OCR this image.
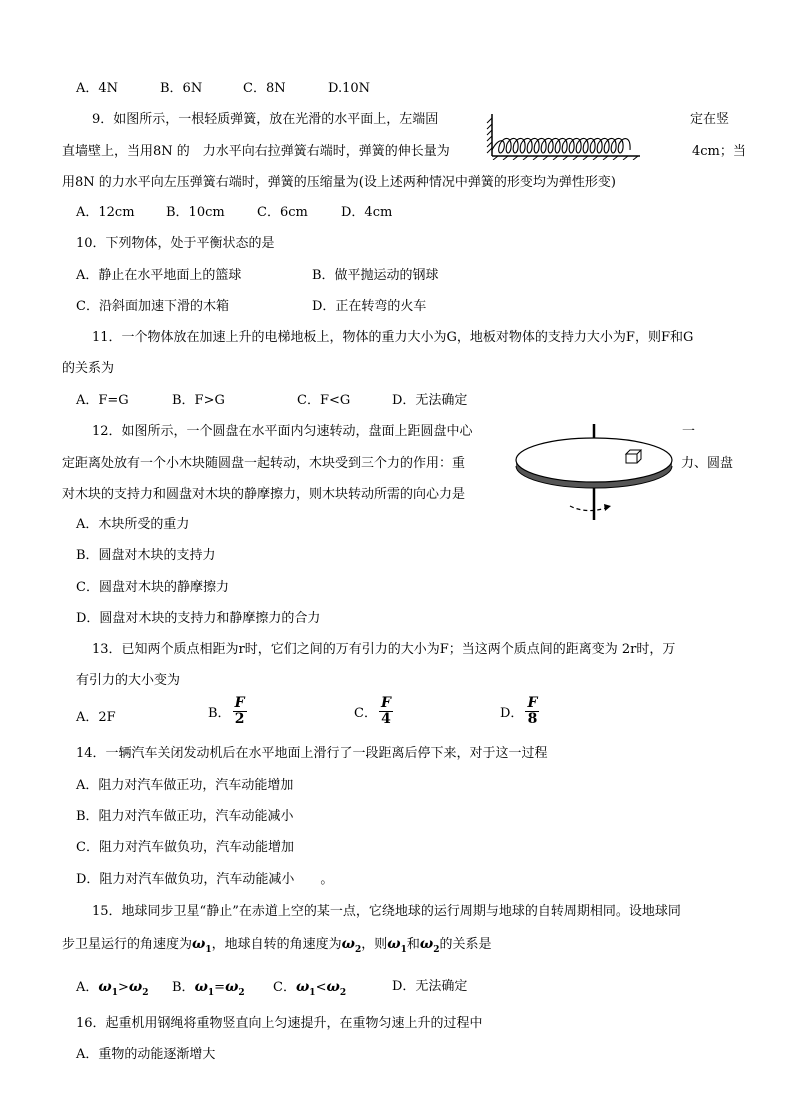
A．4N	B．6N	C．8N	D.10N
9．如图所示，一根轻质弹簧，放在光滑的水平面上，左端固	定在竖
直墙壁上，当用8N 的　力水平向右拉弹簧右端时，弹簧的伸长量为	4cm；当
用8N 的力水平向左压弹簧右端时，弹簧的压缩量为(设上述两种情况中弹簧的形变均为弹性形变)
A．12cm B．10cm C．6cm	D．4cm
10．下列物体，处于平衡状态的是
A．静止在水平地面上的篮球	B．做平抛运动的钢球
C．沿斜面加速下滑的木箱	D．正在转弯的火车
11．一个物体放在加速上升的电梯地板上，物体的重力大小为G，地板对物体的支持力大小为F，则F和G
的关系为
A．F=G	B．F>G	C．F<G	D．无法确定
12．如图所示，一个圆盘在水平面内匀速转动，盘面上距圆盘中心	一
定距离处放有一个小木块随圆盘一起转动，木块受到三个力的作用：重	力、圆盘
对木块的支持力和圆盘对木块的静摩擦力，则木块转动所需的向心力是
A．木块所受的重力
B．圆盘对木块的支持力
C．圆盘对木块的静摩擦力
D．圆盘对木块的支持力和静摩擦力的合力
13．已知两个质点相距为r时，它们之间的万有引力的大小为F；当这两个质点间的距离变为 2r时，万
有引力的大小变为
A．2F	B． $\frac{F}{2}$	C． $\frac{F}{4}$	D． $\frac{F}{8}$
14．一辆汽车关闭发动机后在水平地面上滑行了一段距离后停下来，对于这一过程
A．阻力对汽车做正功，汽车动能增加
B．阻力对汽车做正功，汽车动能减小
C．阻力对汽车做负功，汽车动能增加
D．阻力对汽车做负功，汽车动能减小　　。
15．地球同步卫星“静止”在赤道上空的某一点，它绕地球的运行周期与地球的自转周期相同。设地球同
步卫星运行的角速度为$\omega_1$，地球自转的角速度为$\omega_2$，则$\omega_1$和$\omega_2$的关系是
A．$\omega_1>\omega_2$ B．$\omega_1=\omega_2$ C．$\omega_1<\omega_2$	D．无法确定
16．起重机用钢绳将重物竖直向上匀速提升，在重物匀速上升的过程中
A．重物的动能逐渐增大
